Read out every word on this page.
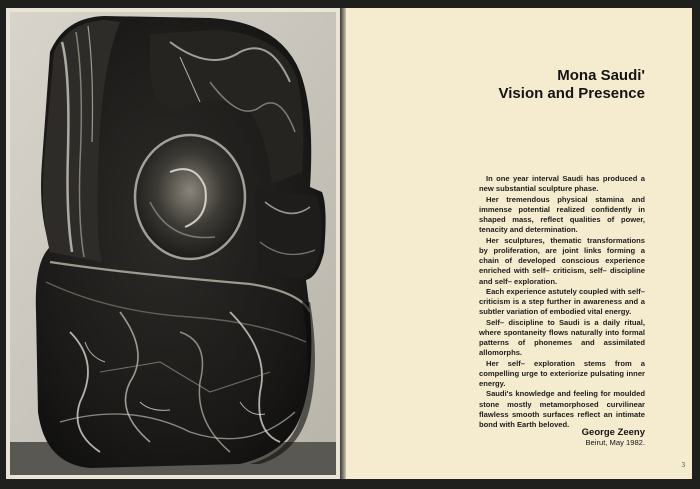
Mona Saudi'
Vision and Presence

In one year interval Saudi has produced a new substantial sculpture phase.

Her tremendous physical stamina and immense potential realized confidently in shaped mass, reflect qualities of power, tenacity and determination.

Her sculptures, thematic transformations by proliferation, are joint links forming a chain of developed conscious experience enriched with self– criticism, self– discipline and self– exploration.

Each experience astutely coupled with self– criticism is a step further in awareness and a subtler variation of embodied vital energy.

Self– discipline to Saudi is a daily ritual, where spontaneity flows naturally into formal patterns of phonemes and assimilated allomorphs.

Her self– exploration stems from a compelling urge to exteriorize pulsating inner energy.

Saudi's knowledge and feeling for moulded stone mostly metamorphosed curvilinear flawless smooth surfaces reflect an intimate bond with Earth beloved.

George Zeeny
Beirut, May 1982.
3
